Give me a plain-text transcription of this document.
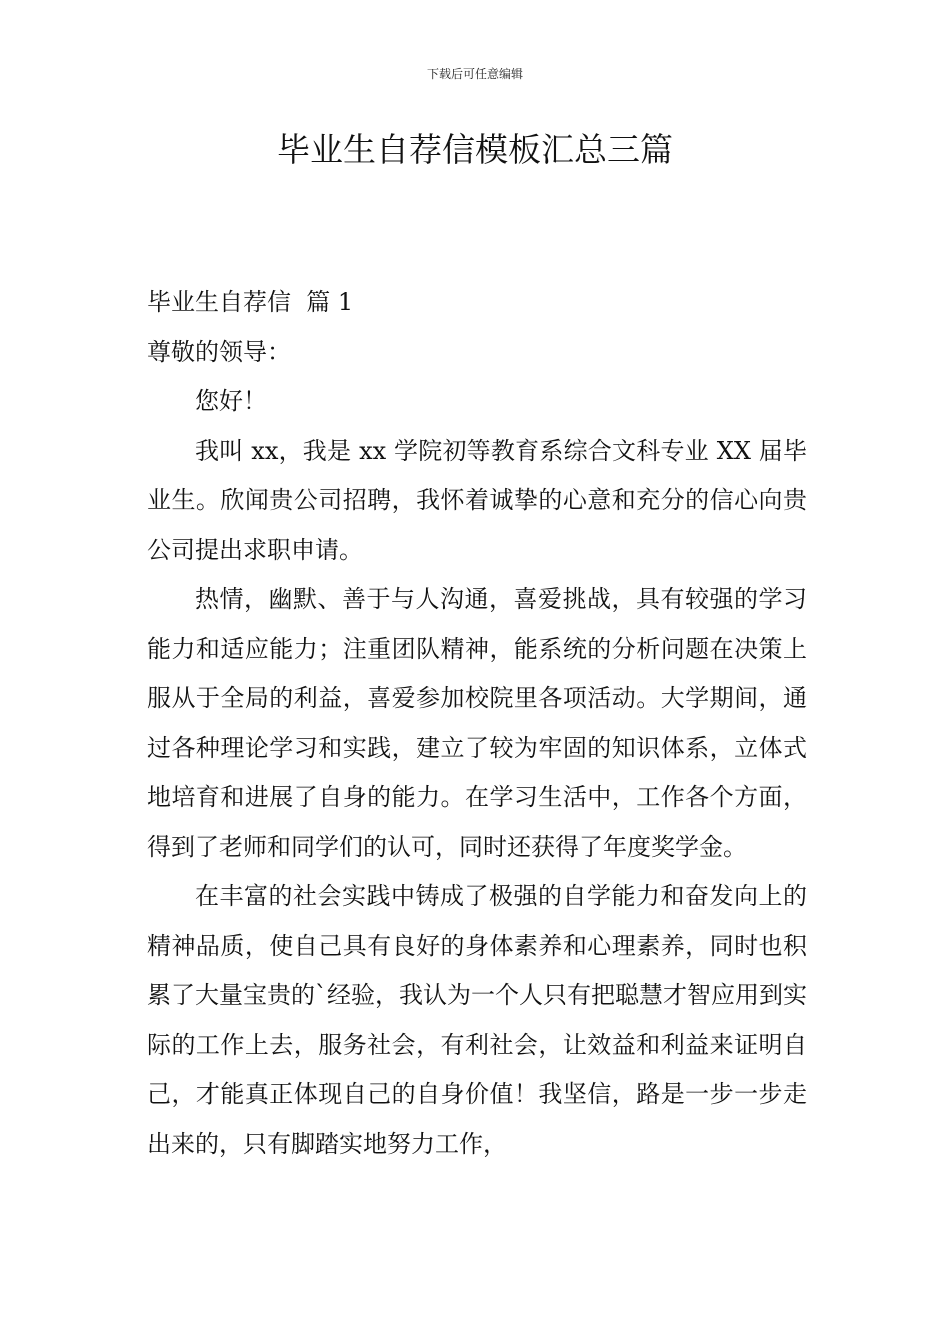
下载后可任意编辑
毕业生自荐信模板汇总三篇

毕业生自荐信  篇 1

尊敬的领导：

您好！

我叫 xx，我是 xx 学院初等教育系综合文科专业 XX 届毕业生。欣闻贵公司招聘，我怀着诚挚的心意和充分的信心向贵公司提出求职申请。

热情，幽默、善于与人沟通，喜爱挑战，具有较强的学习能力和适应能力；注重团队精神，能系统的分析问题在决策上服从于全局的利益，喜爱参加校院里各项活动。大学期间，通过各种理论学习和实践，建立了较为牢固的知识体系，立体式地培育和进展了自身的能力。在学习生活中，工作各个方面，得到了老师和同学们的认可，同时还获得了年度奖学金。

在丰富的社会实践中铸成了极强的自学能力和奋发向上的精神品质，使自己具有良好的身体素养和心理素养，同时也积累了大量宝贵的`经验，我认为一个人只有把聪慧才智应用到实际的工作上去，服务社会，有利社会，让效益和利益来证明自己，才能真正体现自己的自身价值！我坚信，路是一步一步走出来的，只有脚踏实地努力工作，
